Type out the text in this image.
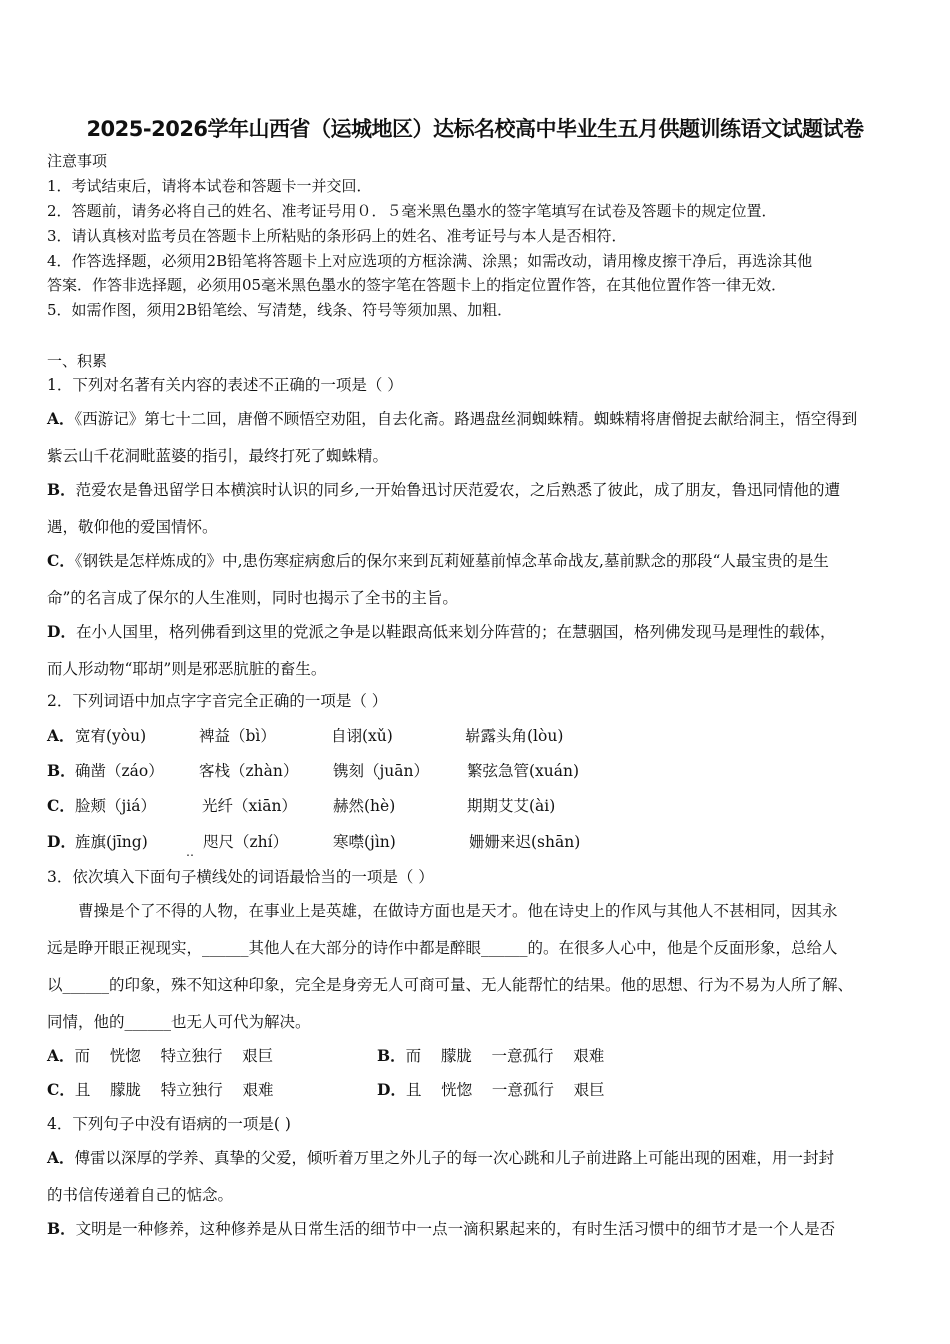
2025-2026学年山西省（运城地区）达标名校高中毕业生五月供题训练语文试题试卷
注意事项
1．考试结束后，请将本试卷和答题卡一并交回．
2．答题前，请务必将自己的姓名、准考证号用０．５毫米黑色墨水的签字笔填写在试卷及答题卡的规定位置．
3．请认真核对监考员在答题卡上所粘贴的条形码上的姓名、准考证号与本人是否相符．
4．作答选择题，必须用2B铅笔将答题卡上对应选项的方框涂满、涂黑；如需改动，请用橡皮擦干净后，再选涂其他
答案．作答非选择题，必须用05毫米黑色墨水的签字笔在答题卡上的指定位置作答，在其他位置作答一律无效．
5．如需作图，须用2B铅笔绘、写清楚，线条、符号等须加黑、加粗．
一、积累
1．下列对名著有关内容的表述不正确的一项是（ ）
A．《西游记》第七十二回，唐僧不顾悟空劝阻，自去化斋。路遇盘丝洞蜘蛛精。蜘蛛精将唐僧捉去献给洞主，悟空得到
紫云山千花洞毗蓝婆的指引，最终打死了蜘蛛精。
B．范爱农是鲁迅留学日本横滨时认识的同乡,一开始鲁迅讨厌范爱农，之后熟悉了彼此，成了朋友，鲁迅同情他的遭
遇，敬仰他的爱国情怀。
C．《钢铁是怎样炼成的》中,患伤寒症病愈后的保尔来到瓦莉娅墓前悼念革命战友,墓前默念的那段“人最宝贵的是生
命”的名言成了保尔的人生准则，同时也揭示了全书的主旨。
D．在小人国里，格列佛看到这里的党派之争是以鞋跟高低来划分阵营的；在慧骃国，格列佛发现马是理性的载体，
而人形动物“耶胡”则是邪恶肮脏的畜生。
2．下列词语中加点字字音完全正确的一项是（ ）
A． 宽宥(yòu)	裨益（bì）	自诩(xǔ)	崭露头角(lòu)
B． 确凿（záo） 客栈（zhàn） 镌刻（juān） 繁弦急管(xuán)
C． 脸颊（jiá）	光纤（xiān） 赫然(hè)	期期艾艾(ài)
D． 旌旗(jīng)	咫尺（zhí）	寒噤(jìn)	姗姗来迟(shān)
‥
3．依次填入下面句子横线处的词语最恰当的一项是（ ）
曹操是个了不得的人物，在事业上是英雄，在做诗方面也是天才。他在诗史上的作风与其他人不甚相同，因其永
远是睁开眼正视现实，______其他人在大部分的诗作中都是醉眼______的。在很多人心中，他是个反面形象，总给人
以______的印象，殊不知这种印象，完全是身旁无人可商可量、无人能帮忙的结果。他的思想、行为不易为人所了解、
同情，他的______也无人可代为解决。
A．而    恍惚    特立独行    艰巨	B．而    朦胧    一意孤行    艰难
C．且    朦胧    特立独行    艰难	D．且    恍惚    一意孤行    艰巨
4．下列句子中没有语病的一项是( )
A．傅雷以深厚的学养、真挚的父爱，倾听着万里之外儿子的每一次心跳和儿子前进路上可能出现的困难，用一封封
的书信传递着自己的惦念。
B．文明是一种修养，这种修养是从日常生活的细节中一点一滴积累起来的，有时生活习惯中的细节才是一个人是否
